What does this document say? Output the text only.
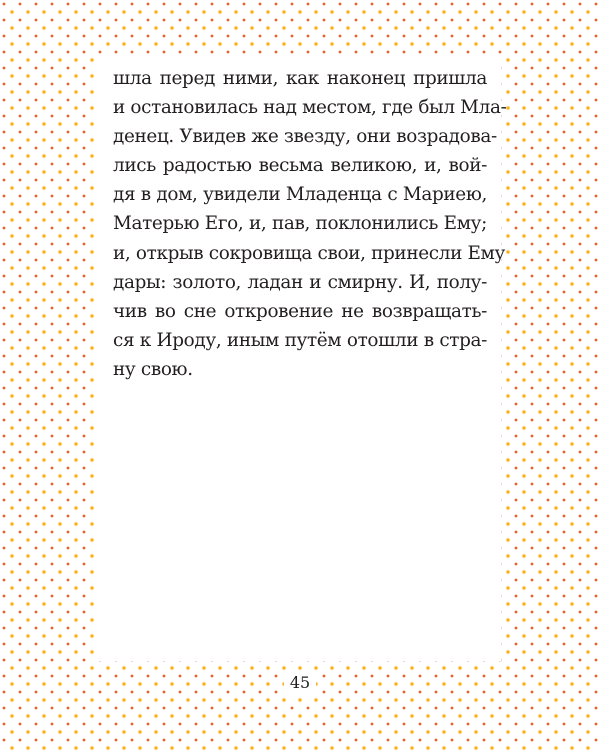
шла перед ними, как наконец пришла
и остановилась над местом, где был Мла-
денец. Увидев же звезду, они возрадова-
лись радостью весьма великою, и, вой-
дя в дом, увидели Младенца с Мариею,
Матерью Его, и, пав, поклонились Ему;
и, открыв сокровища свои, принесли Ему
дары: золото, ладан и смирну. И, полу-
чив во сне откровение не возвращать-
ся к Ироду, иным путём отошли в стра-
ну свою.
45
